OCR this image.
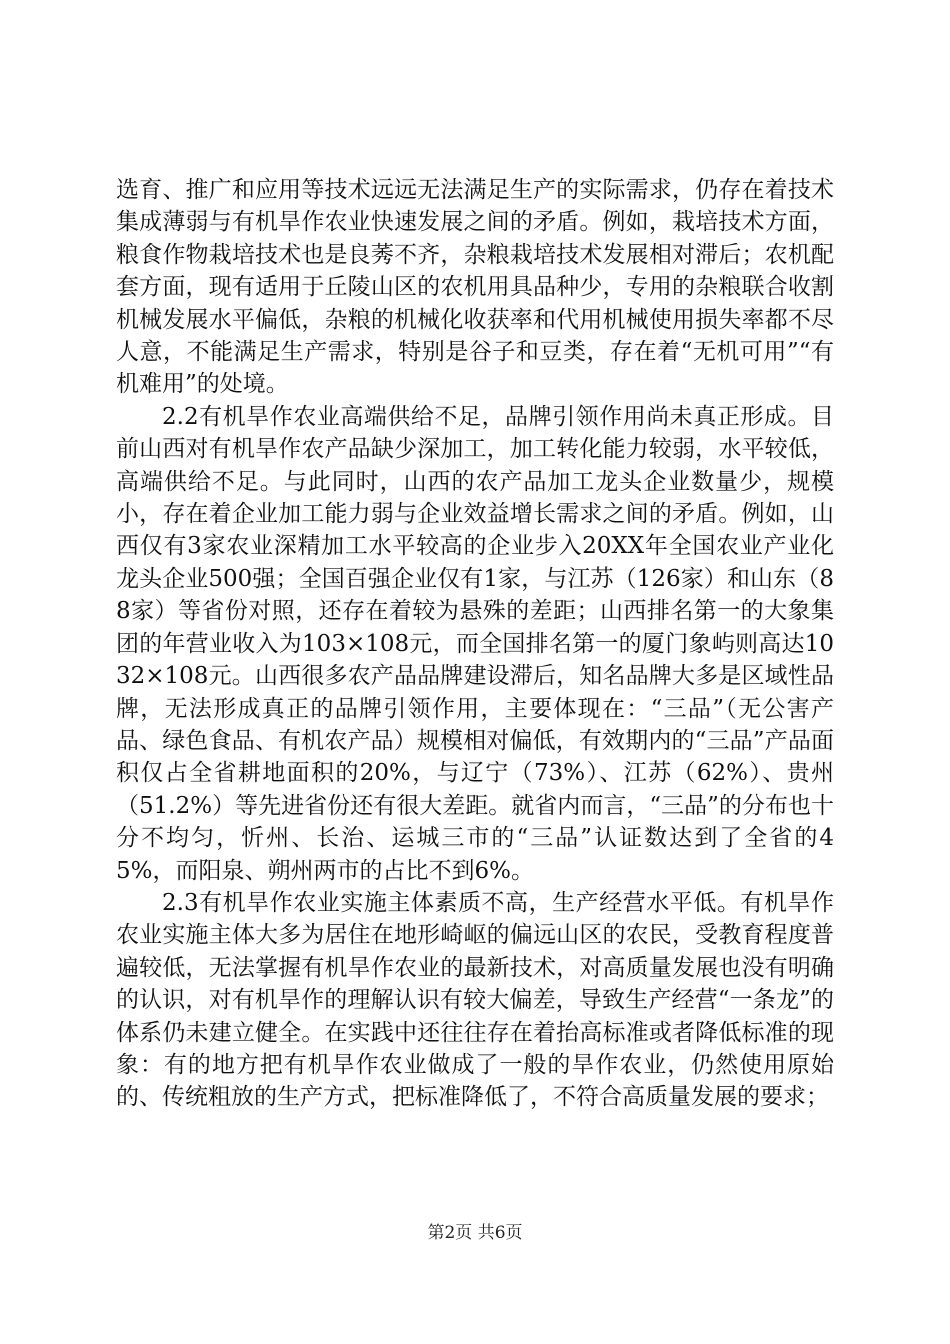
选育、推广和应用等技术远远无法满足生产的实际需求，仍存在着技术集成薄弱与有机旱作农业快速发展之间的矛盾。例如，栽培技术方面，粮食作物栽培技术也是良莠不齐，杂粮栽培技术发展相对滞后；农机配套方面，现有适用于丘陵山区的农机用具品种少，专用的杂粮联合收割机械发展水平偏低，杂粮的机械化收获率和代用机械使用损失率都不尽人意，不能满足生产需求，特别是谷子和豆类，存在着“无机可用”“有机难用”的处境。

2.2有机旱作农业高端供给不足，品牌引领作用尚未真正形成。目前山西对有机旱作农产品缺少深加工，加工转化能力较弱，水平较低，高端供给不足。与此同时，山西的农产品加工龙头企业数量少，规模小，存在着企业加工能力弱与企业效益增长需求之间的矛盾。例如，山西仅有3家农业深精加工水平较高的企业步入20XX年全国农业产业化龙头企业500强；全国百强企业仅有1家，与江苏（126家）和山东（88家）等省份对照，还存在着较为悬殊的差距；山西排名第一的大象集团的年营业收入为103×108元，而全国排名第一的厦门象屿则高达1032×108元。山西很多农产品品牌建设滞后，知名品牌大多是区域性品牌，无法形成真正的品牌引领作用，主要体现在：“三品”（无公害产品、绿色食品、有机农产品）规模相对偏低，有效期内的“三品”产品面积仅占全省耕地面积的20%，与辽宁（73%）、江苏（62%）、贵州（51.2%）等先进省份还有很大差距。就省内而言，“三品”的分布也十分不均匀，忻州、长治、运城三市的“三品”认证数达到了全省的45%，而阳泉、朔州两市的占比不到6%。

2.3有机旱作农业实施主体素质不高，生产经营水平低。有机旱作农业实施主体大多为居住在地形崎岖的偏远山区的农民，受教育程度普遍较低，无法掌握有机旱作农业的最新技术，对高质量发展也没有明确的认识，对有机旱作的理解认识有较大偏差，导致生产经营“一条龙”的体系仍未建立健全。在实践中还往往存在着抬高标准或者降低标准的现象：有的地方把有机旱作农业做成了一般的旱作农业，仍然使用原始的、传统粗放的生产方式，把标准降低了，不符合高质量发展的要求；

第2页 共6页
